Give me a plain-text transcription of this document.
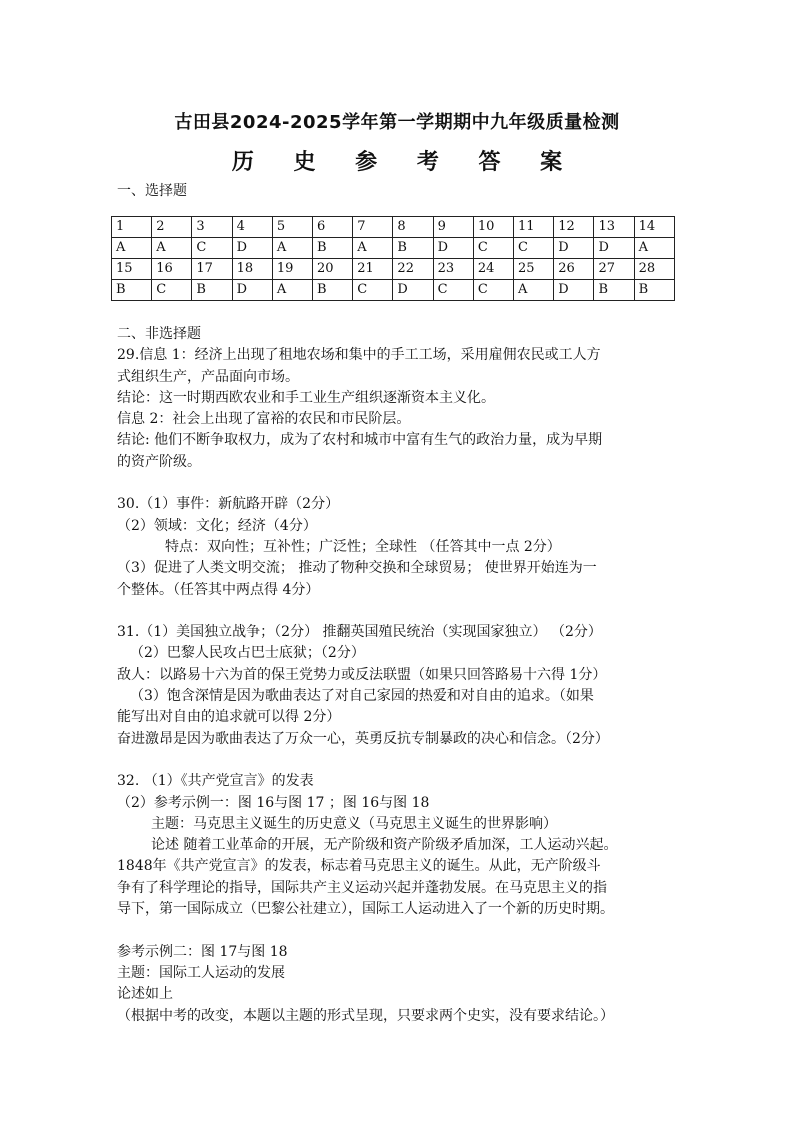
古田县2024-2025学年第一学期期中九年级质量检测
历 史 参 考 答 案
一、选择题
1	2	3	4	5	6	7	8	9	10	11	12	13	14
A	A	C	D	A	B	A	B	D	C	C	D	D	A
15	16	17	18	19	20	21	22	23	24	25	26	27	28
B	C	B	D	A	B	C	D	C	C	A	D	B	B

二、非选择题

29.信息 1：经济上出现了租地农场和集中的手工工场，采用雇佣农民或工人方

式组织生产，产品面向市场。

结论：这一时期西欧农业和手工业生产组织逐渐资本主义化。

信息 2：社会上出现了富裕的农民和市民阶层。

结论: 他们不断争取权力，成为了农村和城市中富有生气的政治力量，成为早期

的资产阶级。

30.（1）事件：新航路开辟（2分）

（2）领域：文化；经济（4分）

特点：双向性；互补性；广泛性；全球性 （任答其中一点 2分）

（3）促进了人类文明交流； 推动了物种交换和全球贸易； 使世界开始连为一

个整体。（任答其中两点得 4分）

31.（1）美国独立战争；（2分） 推翻英国殖民统治（实现国家独立） （2分）

（2）巴黎人民攻占巴士底狱；（2分）

敌人：以路易十六为首的保王党势力或反法联盟（如果只回答路易十六得 1分）

（3）饱含深情是因为歌曲表达了对自己家园的热爱和对自由的追求。（如果

能写出对自由的追求就可以得 2分）

奋进激昂是因为歌曲表达了万众一心，英勇反抗专制暴政的决心和信念。（2分）

32. （1）《共产党宣言》的发表

（2）参考示例一：图 16与图 17 ；图 16与图 18

主题：马克思主义诞生的历史意义（马克思主义诞生的世界影响）

论述 随着工业革命的开展，无产阶级和资产阶级矛盾加深，工人运动兴起。

1848年《共产党宣言》的发表，标志着马克思主义的诞生。从此，无产阶级斗

争有了科学理论的指导，国际共产主义运动兴起并蓬勃发展。在马克思主义的指

导下，第一国际成立（巴黎公社建立），国际工人运动进入了一个新的历史时期。

参考示例二：图 17与图 18

主题：国际工人运动的发展

论述如上

（根据中考的改变，本题以主题的形式呈现，只要求两个史实，没有要求结论。）
